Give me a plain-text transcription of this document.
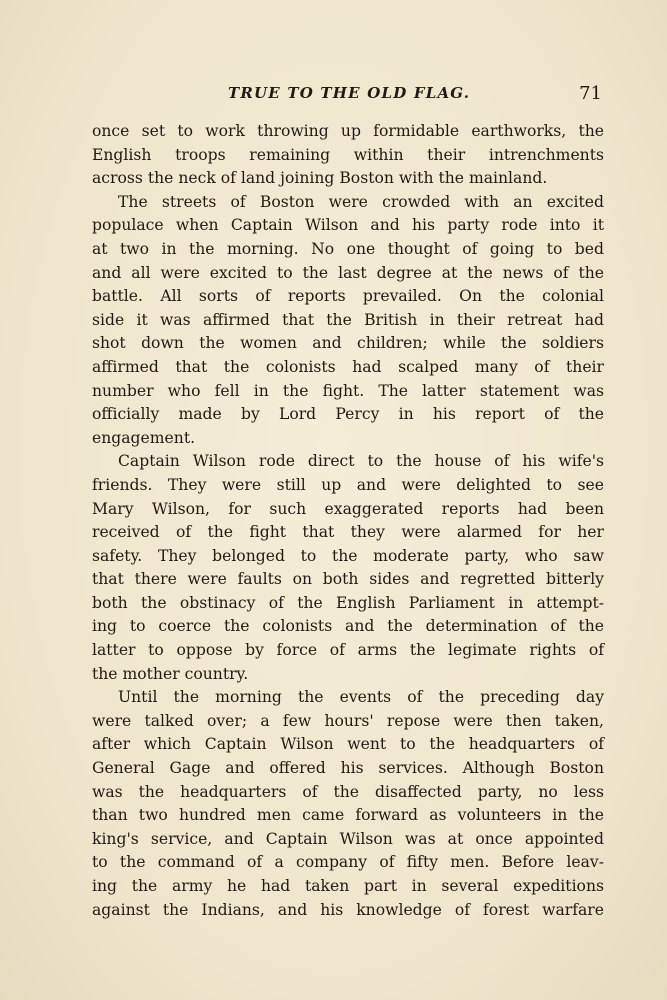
TRUE TO THE OLD FLAG.	71
once set to work throwing up formidable earthworks, the
English troops remaining within their intrenchments
across the neck of land joining Boston with the mainland.
The streets of Boston were crowded with an excited
populace when Captain Wilson and his party rode into it
at two in the morning. No one thought of going to bed
and all were excited to the last degree at the news of the
battle. All sorts of reports prevailed. On the colonial
side it was affirmed that the British in their retreat had
shot down the women and children; while the soldiers
affirmed that the colonists had scalped many of their
number who fell in the fight. The latter statement was
officially made by Lord Percy in his report of the
engagement.
Captain Wilson rode direct to the house of his wife's
friends. They were still up and were delighted to see
Mary Wilson, for such exaggerated reports had been
received of the fight that they were alarmed for her
safety. They belonged to the moderate party, who saw
that there were faults on both sides and regretted bitterly
both the obstinacy of the English Parliament in attempt-
ing to coerce the colonists and the determination of the
latter to oppose by force of arms the legimate rights of
the mother country.
Until the morning the events of the preceding day
were talked over; a few hours' repose were then taken,
after which Captain Wilson went to the headquarters of
General Gage and offered his services. Although Boston
was the headquarters of the disaffected party, no less
than two hundred men came forward as volunteers in the
king's service, and Captain Wilson was at once appointed
to the command of a company of fifty men. Before leav-
ing the army he had taken part in several expeditions
against the Indians, and his knowledge of forest warfare
